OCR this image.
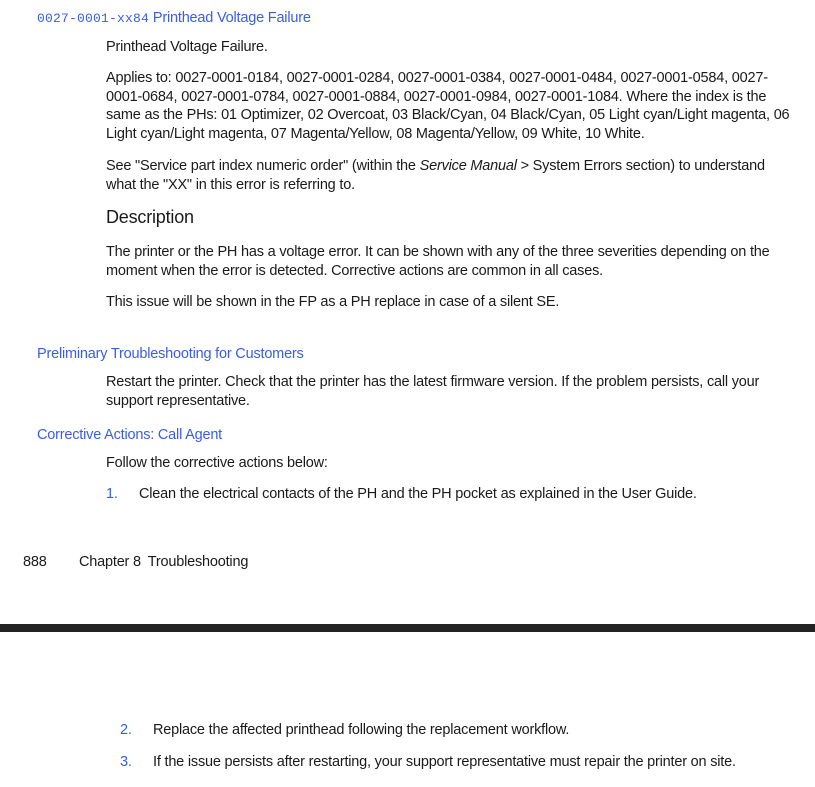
0027-0001-xx84 Printhead Voltage Failure

Printhead Voltage Failure.

Applies to: 0027-0001-0184, 0027-0001-0284, 0027-0001-0384, 0027-0001-0484, 0027-0001-0584, 0027-0001-0684, 0027-0001-0784, 0027-0001-0884, 0027-0001-0984, 0027-0001-1084. Where the index is the same as the PHs: 01 Optimizer, 02 Overcoat, 03 Black/Cyan, 04 Black/Cyan, 05 Light cyan/Light magenta, 06 Light cyan/Light magenta, 07 Magenta/Yellow, 08 Magenta/Yellow, 09 White, 10 White.

See "Service part index numeric order" (within the Service Manual > System Errors section) to understand what the "XX" in this error is referring to.

Description

The printer or the PH has a voltage error. It can be shown with any of the three severities depending on the moment when the error is detected. Corrective actions are common in all cases.

This issue will be shown in the FP as a PH replace in case of a silent SE.

Preliminary Troubleshooting for Customers

Restart the printer. Check that the printer has the latest firmware version. If the problem persists, call your support representative.

Corrective Actions: Call Agent

Follow the corrective actions below:

1. Clean the electrical contacts of the PH and the PH pocket as explained in the User Guide.
888 Chapter 8 Troubleshooting
2. Replace the affected printhead following the replacement workflow.
3. If the issue persists after restarting, your support representative must repair the printer on site.
